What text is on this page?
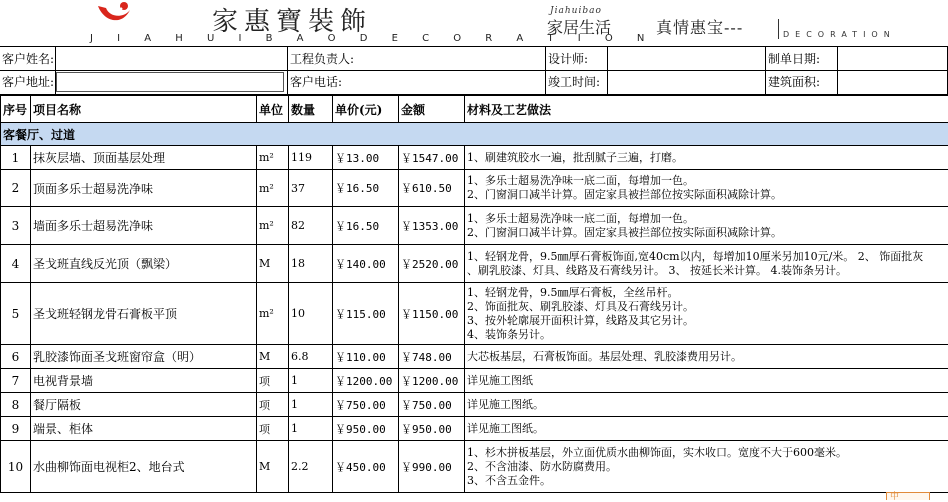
家惠寶裝飾
J I A H U I B A O D E C O R A T I O N
Jiahuibao
家居生活	真情惠宝---	DECORATION
客户姓名:	工程负责人:	设计师:	制单日期:
客户地址:	客户电话:	竣工时间:	建筑面积:
序号	项目名称	单位	数量	单价(元)	金额	材料及工艺做法
客餐厅、过道						
1	抹灰层墙、顶面基层处理	m²	119	￥13.00	￥1547.00	1、刷建筑胶水一遍，批刮腻子三遍，打磨。

2	顶面多乐士超易洗净味	m²	37	￥16.50	￥610.50	1、多乐士超易洗净味一底二面，每增加一色。
2、门窗洞口减半计算。固定家具被拦部位按实际面积减除计算。

3	墙面多乐士超易洗净味	m²	82	￥16.50	￥1353.00	1、多乐士超易洗净味一底二面，每增加一色。
2、门窗洞口减半计算。固定家具被拦部位按实际面积减除计算。

4	圣戈班直线反光顶（飘梁）	M	18	￥140.00	￥2520.00	1、轻钢龙骨，9.5㎜厚石膏板饰面,宽40cm以内，每增加10厘米另加10元/米。 2、 饰面批灰
、刷乳胶漆、灯具、线路及石膏线另计。 3、 按延长米计算。 4.装饰条另计。

5	圣戈班轻钢龙骨石膏板平顶	m²	10	￥115.00	￥1150.00	1、轻钢龙骨，9.5㎜厚石膏板，全丝吊杆。
2、饰面批灰、刷乳胶漆、灯具及石膏线另计。
3、按外轮廓展开面积计算，线路及其它另计。
4、装饰条另计。

6	乳胶漆饰面圣戈班窗帘盒（明）	M	6.8	￥110.00	￥748.00	大芯板基层，石膏板饰面。基层处理、乳胶漆费用另计。

7	电视背景墙	项	1	￥1200.00	￥1200.00	详见施工图纸

8	餐厅隔板	项	1	￥750.00	￥750.00	详见施工图纸。

9	端景、柜体	项	1	￥950.00	￥950.00	详见施工图纸。

10	水曲柳饰面电视柜2、地台式	M	2.2	￥450.00	￥990.00	1、杉木拼板基层，外立面优质水曲柳饰面，实木收口。宽度不大于600毫米。
2、不含油漆、防水防腐费用。
3、不含五金件。
中
